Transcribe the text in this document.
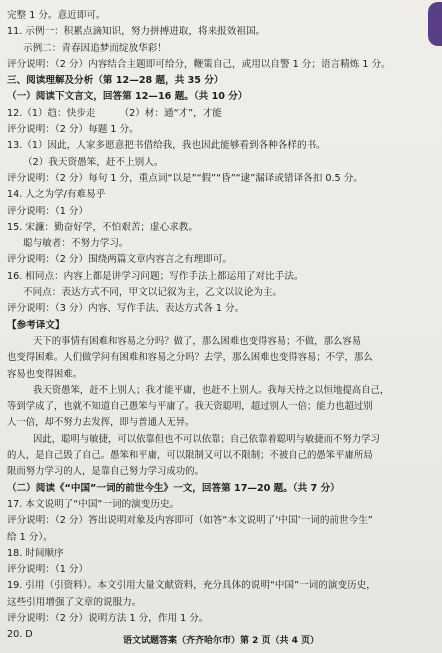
完整 1 分。意近即可。
11. 示例一：积累点滴知识，努力拼搏进取，将来报效祖国。
示例二：青春因追梦而绽放华彩！
评分说明：（2 分）内容结合主题即可给分，鞭策自己，或用以自警 1 分；语言精炼 1 分。
三、阅读理解及分析（第 12—28 题，共 35 分）
（一）阅读下文言文，回答第 12—16 题。（共 10 分）
12.（1）趋：快步走　　　（2）材：通“才”，才能
评分说明：（2 分）每题 1 分。
13.（1）因此，人家多愿意把书借给我，我也因此能够看到各种各样的书。
（2）我天资愚笨，赶不上别人。
评分说明：（2 分）每句 1 分，重点词“以是”“假”“昏”“逮”漏译或错译各扣 0.5 分。
14. 人之为学/有难易乎
评分说明：（1 分）
15. 宋濂：勤奋好学，不怕艰苦；虚心求教。
聪与敏者：不努力学习。
评分说明：（2 分）围绕两篇文章内容言之有理即可。
16. 相同点：内容上都是讲学习问题；写作手法上都运用了对比手法。
不同点：表达方式不同，甲文以记叙为主，乙文以议论为主。
评分说明：（3 分）内容、写作手法、表达方式各 1 分。
【参考译文】
天下的事情有困难和容易之分吗？做了，那么困难也变得容易；不做，那么容易
也变得困难。人们做学问有困难和容易之分吗？去学，那么困难也变得容易；不学，那么
容易也变得困难。
我天资愚笨，赶不上别人；我才能平庸，也赶不上别人。我每天持之以恒地提高自己，
等到学成了，也就不知道自己愚笨与平庸了。我天资聪明，超过别人一倍；能力也超过别
人一倍，却不努力去发挥，即与普通人无异。
因此，聪明与敏捷，可以依靠但也不可以依靠；自己依靠着聪明与敏捷而不努力学习
的人，是自己毁了自己。愚笨和平庸，可以限制又可以不限制；不被自己的愚笨平庸所局
限而努力学习的人，是靠自己努力学习成功的。
（二）阅读《“中国”一词的前世今生》一文，回答第 17—20 题。（共 7 分）
17. 本文说明了“中国”一词的演变历史。
评分说明：（2 分）答出说明对象及内容即可（如答“本文说明了‘中国’一词的前世今生”
给 1 分）。
18. 时间顺序
评分说明：（1 分）
19. 引用（引资料）。本文引用大量文献资料，充分具体的说明“中国”一词的演变历史，
这些引用增强了文章的说服力。
评分说明：（2 分）说明方法 1 分，作用 1 分。
20. D
语文试题答案（齐齐哈尔市）第 2 页（共 4 页）
